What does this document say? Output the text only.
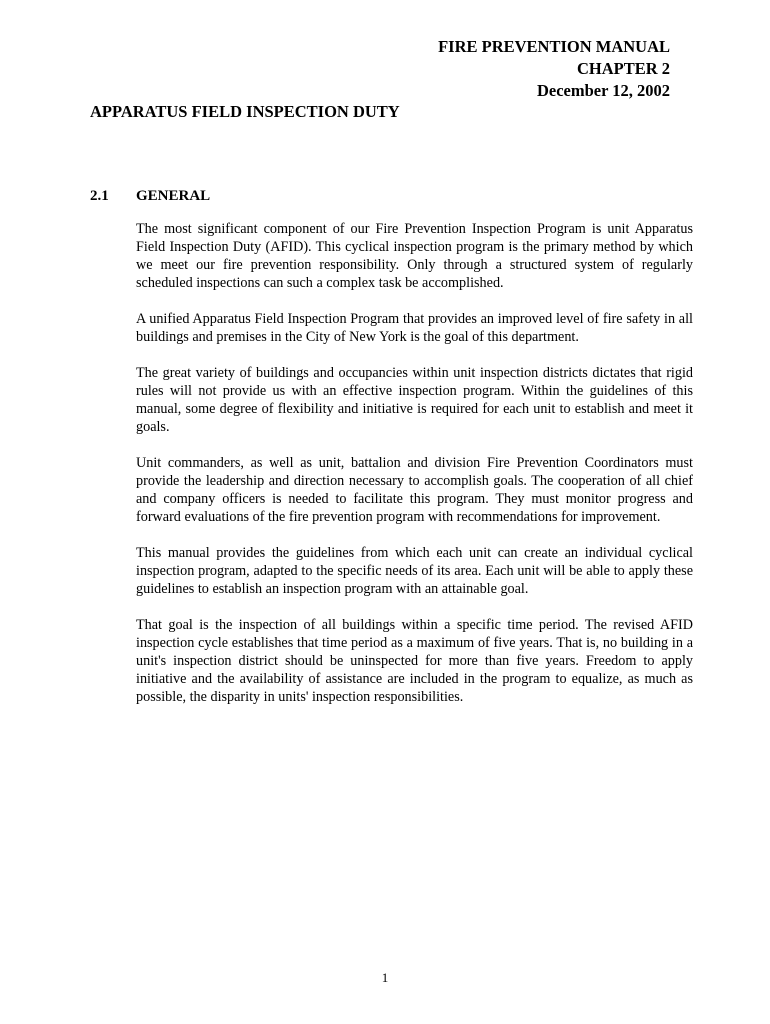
FIRE PREVENTION MANUAL
CHAPTER 2
December 12, 2002
APPARATUS FIELD INSPECTION DUTY
2.1 GENERAL

The most significant component of our Fire Prevention Inspection Program is unit Apparatus Field Inspection Duty (AFID). This cyclical inspection program is the primary method by which we meet our fire prevention responsibility. Only through a structured system of regularly scheduled inspections can such a complex task be accomplished.

A unified Apparatus Field Inspection Program that provides an improved level of fire safety in all buildings and premises in the City of New York is the goal of this department.

The great variety of buildings and occupancies within unit inspection districts dictates that rigid rules will not provide us with an effective inspection program. Within the guidelines of this manual, some degree of flexibility and initiative is required for each unit to establish and meet it goals.

Unit commanders, as well as unit, battalion and division Fire Prevention Coordinators must provide the leadership and direction necessary to accomplish goals. The cooperation of all chief and company officers is needed to facilitate this program. They must monitor progress and forward evaluations of the fire prevention program with recommendations for improvement.

This manual provides the guidelines from which each unit can create an individual cyclical inspection program, adapted to the specific needs of its area. Each unit will be able to apply these guidelines to establish an inspection program with an attainable goal.

That goal is the inspection of all buildings within a specific time period. The revised AFID inspection cycle establishes that time period as a maximum of five years. That is, no building in a unit's inspection district should be uninspected for more than five years. Freedom to apply initiative and the availability of assistance are included in the program to equalize, as much as possible, the disparity in units' inspection responsibilities.

1
